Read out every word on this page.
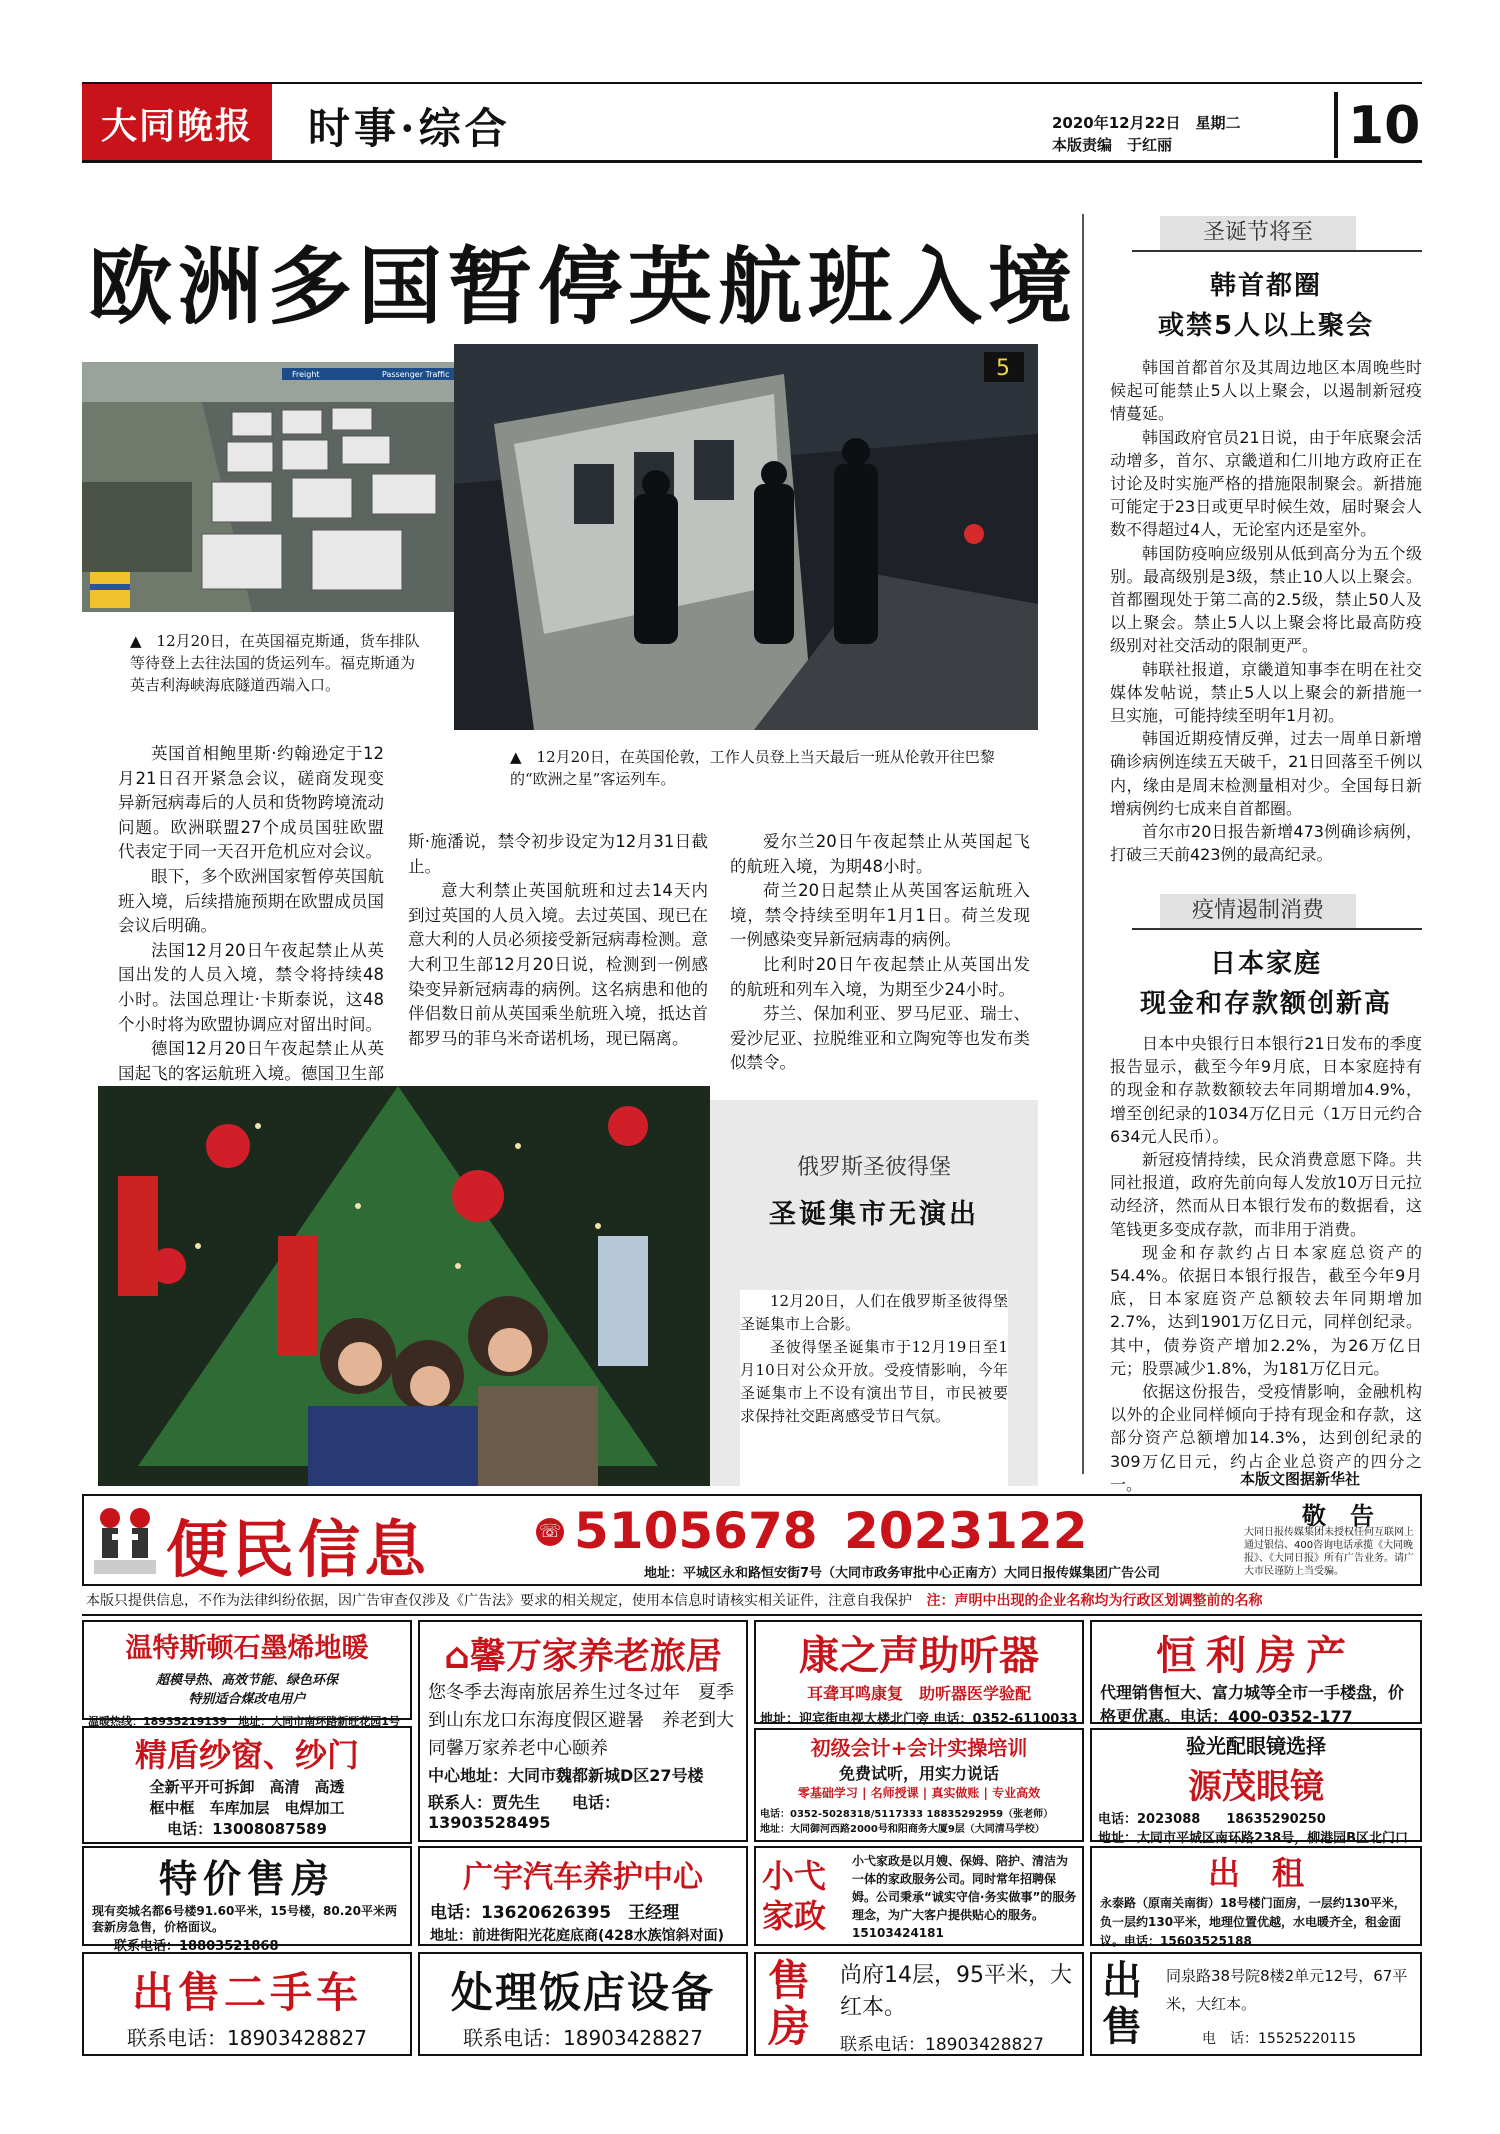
大同晚报 时事·综合	2020年12月22日　星期二
本版责编　于红丽	10
欧洲多国暂停英航班入境
Freight	Passenger Traffic
▲　12月20日，在英国福克斯通，货车排队等待登上去往法国的货运列车。福克斯通为英吉利海峡海底隧道西端入口。
5
▲　12月20日，在英国伦敦，工作人员登上当天最后一班从伦敦开往巴黎的“欧洲之星”客运列车。

英国首相鲍里斯·约翰逊定于12月21日召开紧急会议，磋商发现变异新冠病毒后的人员和货物跨境流动问题。欧洲联盟27个成员国驻欧盟代表定于同一天召开危机应对会议。

眼下，多个欧洲国家暂停英国航班入境，后续措施预期在欧盟成员国会议后明确。

法国12月20日午夜起禁止从英国出发的人员入境，禁令将持续48小时。法国总理让·卡斯泰说，这48个小时将为欧盟协调应对留出时间。

德国12月20日午夜起禁止从英国起飞的客运航班入境。德国卫生部

斯·施潘说，禁令初步设定为12月31日截止。

意大利禁止英国航班和过去14天内到过英国的人员入境。去过英国、现已在意大利的人员必须接受新冠病毒检测。意大利卫生部12月20日说，检测到一例感染变异新冠病毒的病例。这名病患和他的伴侣数日前从英国乘坐航班入境，抵达首都罗马的菲乌米奇诺机场，现已隔离。

爱尔兰20日午夜起禁止从英国起飞的航班入境，为期48小时。

荷兰20日起禁止从英国客运航班入境，禁令持续至明年1月1日。荷兰发现一例感染变异新冠病毒的病例。

比利时20日午夜起禁止从英国出发的航班和列车入境，为期至少24小时。

芬兰、保加利亚、罗马尼亚、瑞士、爱沙尼亚、拉脱维亚和立陶宛等也发布类似禁令。

俄罗斯圣彼得堡
圣诞集市无演出

12月20日，人们在俄罗斯圣彼得堡圣诞集市上合影。

圣彼得堡圣诞集市于12月19日至1月10日对公众开放。受疫情影响，今年圣诞集市上不设有演出节目，市民被要求保持社交距离感受节日气氛。

圣诞节将至
韩首都圈
或禁5人以上聚会

韩国首都首尔及其周边地区本周晚些时候起可能禁止5人以上聚会，以遏制新冠疫情蔓延。

韩国政府官员21日说，由于年底聚会活动增多，首尔、京畿道和仁川地方政府正在讨论及时实施严格的措施限制聚会。新措施可能定于23日或更早时候生效，届时聚会人数不得超过4人，无论室内还是室外。

韩国防疫响应级别从低到高分为五个级别。最高级别是3级，禁止10人以上聚会。首都圈现处于第二高的2.5级，禁止50人及以上聚会。禁止5人以上聚会将比最高防疫级别对社交活动的限制更严。

韩联社报道，京畿道知事李在明在社交媒体发帖说，禁止5人以上聚会的新措施一旦实施，可能持续至明年1月初。

韩国近期疫情反弹，过去一周单日新增确诊病例连续五天破千，21日回落至千例以内，缘由是周末检测量相对少。全国每日新增病例约七成来自首都圈。

首尔市20日报告新增473例确诊病例，打破三天前423例的最高纪录。

疫情遏制消费
日本家庭
现金和存款额创新高

日本中央银行日本银行21日发布的季度报告显示，截至今年9月底，日本家庭持有的现金和存款数额较去年同期增加4.9%，增至创纪录的1034万亿日元（1万日元约合634元人民币）。

新冠疫情持续，民众消费意愿下降。共同社报道，政府先前向每人发放10万日元拉动经济，然而从日本银行发布的数据看，这笔钱更多变成存款，而非用于消费。

现金和存款约占日本家庭总资产的54.4%。依据日本银行报告，截至今年9月底，日本家庭资产总额较去年同期增加2.7%，达到1901万亿日元，同样创纪录。其中，债券资产增加2.2%，为26万亿日元；股票减少1.8%，为181万亿日元。

依据这份报告，受疫情影响，金融机构以外的企业同样倾向于持有现金和存款，这部分资产总额增加14.3%，达到创纪录的309万亿日元，约占企业总资产的四分之一。	本版文图据新华社
便民信息	☏ 5105678 2023122
地址：平城区永和路恒安街7号（大同市政务审批中心正南方）大同日报传媒集团广告公司
敬　告
大同日报传媒集团未授权任何互联网上通过银信、400咨询电话承揽《大同晚报》、《大同日报》所有广告业务。请广大市民谨防上当受骗。
本版只提供信息，不作为法律纠纷依据，因广告审查仅涉及《广告法》要求的相关规定，使用本信息时请核实相关证件，注意自我保护 注：声明中出现的企业名称均为行政区划调整前的名称
温特斯顿石墨烯地暖
超模导热、高效节能、绿色环保
特别适合煤改电用户
温暖热线：18935219139　地址：大同市南环路新旺花园1号
⌂馨万家养老旅居
您冬季去海南旅居养生过冬过年　夏季到山东龙口东海度假区避暑　养老到大同馨万家养老中心颐养
中心地址：大同市魏都新城D区27号楼
联系人：贾先生　　电话：13903528495
康之声助听器
耳聋耳鸣康复　助听器医学验配
地址：迎宾街电视大楼北门旁 电话：0352-6110033
恒利房产
代理销售恒大、富力城等全市一手楼盘，价格更优惠。电话：400-0352-177
精盾纱窗、纱门
全新平开可拆卸　高清　高透
框中框　车库加层　电焊加工
电话：13008087589
初级会计+会计实操培训
免费试听，用实力说话
零基础学习 | 名师授课 | 真实做账 | 专业高效
电话：0352-5028318/5117333 18835292959（张老师）
地址：大同御河西路2000号和阳商务大厦9层（大同清马学校）
验光配眼镜选择
源茂眼镜
电话：2023088　　18635290250
地址：大同市平城区南环路238号，柳港园B区北门口
特价售房
现有奕城名都6号楼91.60平米，15号楼，80.20平米两套新房急售，价格面议。
联系电话：18803521868
广宇汽车养护中心
电话：13620626395　王经理
地址：前进街阳光花庭底商(428水族馆斜对面)
小弋
家政
小弋家政是以月嫂、保姆、陪护、清洁为一体的家政服务公司。同时常年招聘保姆。公司秉承“诚实守信·务实做事”的服务理念，为广大客户提供贴心的服务。15103424181
出　租
永泰路（原南关南街）18号楼门面房，一层约130平米，负一层约130平米，地理位置优越，水电暖齐全，租金面议。电话：15603525188
出售二手车
联系电话：18903428827
处理饭店设备
联系电话：18903428827
售
房
尚府14层，95平米，大红本。
联系电话：18903428827
出
售
同泉路38号院8楼2单元12号，67平米，大红本。
电　话：15525220115
